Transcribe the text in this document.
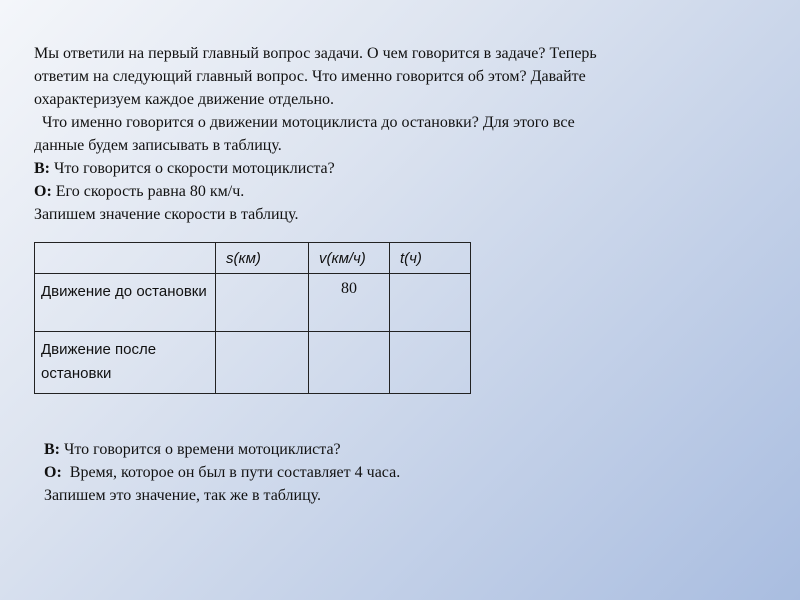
Мы ответили на первый главный вопрос задачи. О чем говорится в задаче? Теперь
ответим на следующий главный вопрос. Что именно говорится об этом? Давайте
охарактеризуем каждое движение отдельно.
Что именно говорится о движении мотоциклиста до остановки? Для этого все
данные будем записывать в таблицу.
В: Что говорится о скорости мотоциклиста?
О: Его скорость равна 80 км/ч.
Запишем значение скорости в таблицу.
	s(км)	v(км/ч)	t(ч)
Движение до остановки		80	
Движение после остановки			
В: Что говорится о времени мотоциклиста?
О:  Время, которое он был в пути составляет 4 часа.
Запишем это значение, так же в таблицу.
